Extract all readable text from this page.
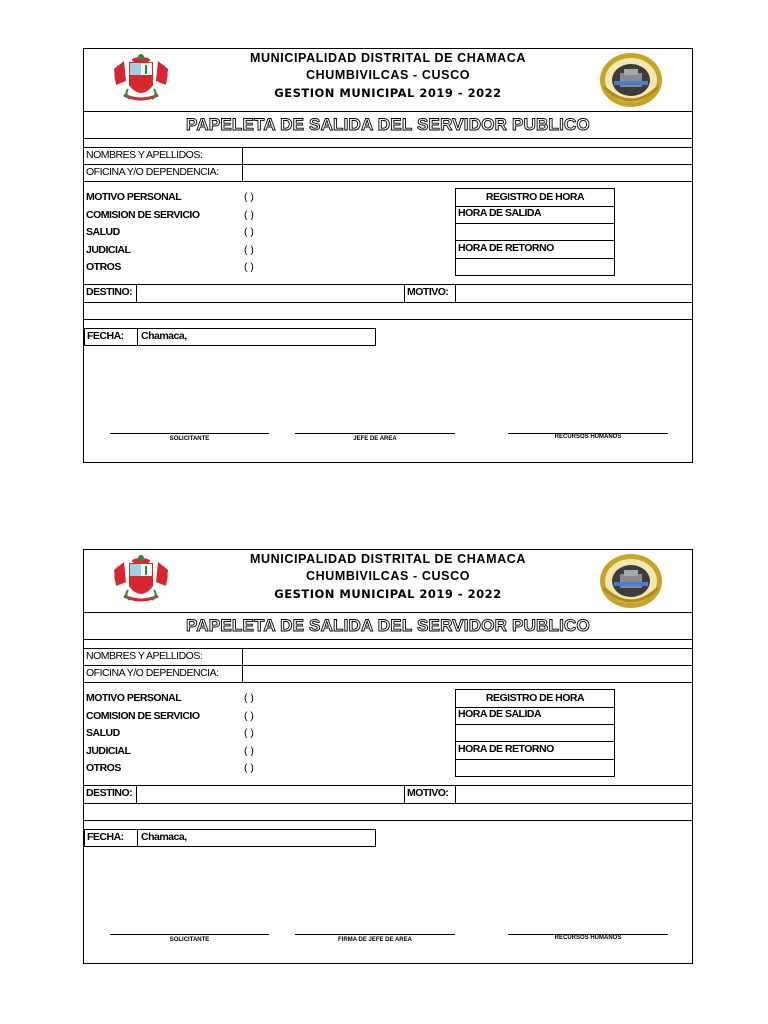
MUNICIPALIDAD DISTRITAL DE CHAMACA
CHUMBIVILCAS - CUSCO
GESTION MUNICIPAL 2019 - 2022
PAPELETA DE SALIDA DEL SERVIDOR PUBLICO
NOMBRES Y APELLIDOS:
OFICINA Y/O DEPENDENCIA:
MOTIVO PERSONAL	( )
COMISION DE SERVICIO	( )
SALUD	( )
JUDICIAL	( )
OTROS	( )
REGISTRO DE HORA
HORA DE SALIDA
HORA DE RETORNO
DESTINO:	MOTIVO:
FECHA: Chamaca,
SOLICITANTE	JEFE DE AREA	RECURSOS HUMANOS
MUNICIPALIDAD DISTRITAL DE CHAMACA
CHUMBIVILCAS - CUSCO
GESTION MUNICIPAL 2019 - 2022
PAPELETA DE SALIDA DEL SERVIDOR PUBLICO
NOMBRES Y APELLIDOS:
OFICINA Y/O DEPENDENCIA:
MOTIVO PERSONAL	( )
COMISION DE SERVICIO	( )
SALUD	( )
JUDICIAL	( )
OTROS	( )
REGISTRO DE HORA
HORA DE SALIDA
HORA DE RETORNO
DESTINO:	MOTIVO:
FECHA: Chamaca,
SOLICITANTE	FIRMA DE JEFE DE AREA	RECURSOS HUMANOS
